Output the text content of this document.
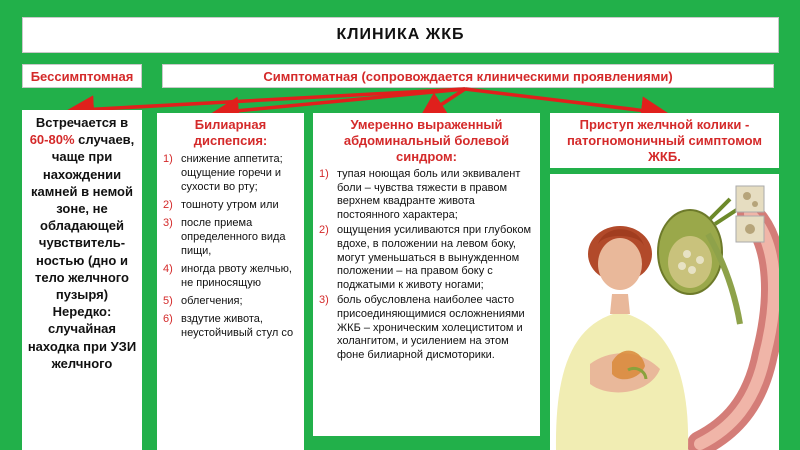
КЛИНИКА ЖКБ
Бессимптомная	Симптоматная (сопровождается клиническими проявлениями)
Встречается в 60-80% случаев, чаще при нахождении камней в немой зоне, не обладающей чувствитель-ностью (дно и тело желчного пузыря) Нередко: случайная находка при УЗИ желчного
Билиарная диспепсия:
1) снижение аппетита; ощущение горечи и сухости во рту;
2) тошноту утром или
3) после приема определенного вида пищи,
4) иногда рвоту желчью, не приносящую
5) облегчения;
6) вздутие живота, неустойчивый стул со
Умеренно выраженный абдоминальный болевой синдром:
1) тупая ноющая боль или эквивалент боли – чувства тяжести в правом верхнем квадранте живота постоянного характера;
2) ощущения усиливаются при глубоком вдохе, в положении на левом боку, могут уменьшаться в вынужденном положении – на правом боку с поджатыми к животу ногами;
3) боль обусловлена наиболее часто присоединяющимися осложнениями ЖКБ – хроническим холециститом и холангитом, и усилением на этом фоне билиарной дисмоторики.
Приступ желчной колики - патогномоничный симптомом ЖКБ.
